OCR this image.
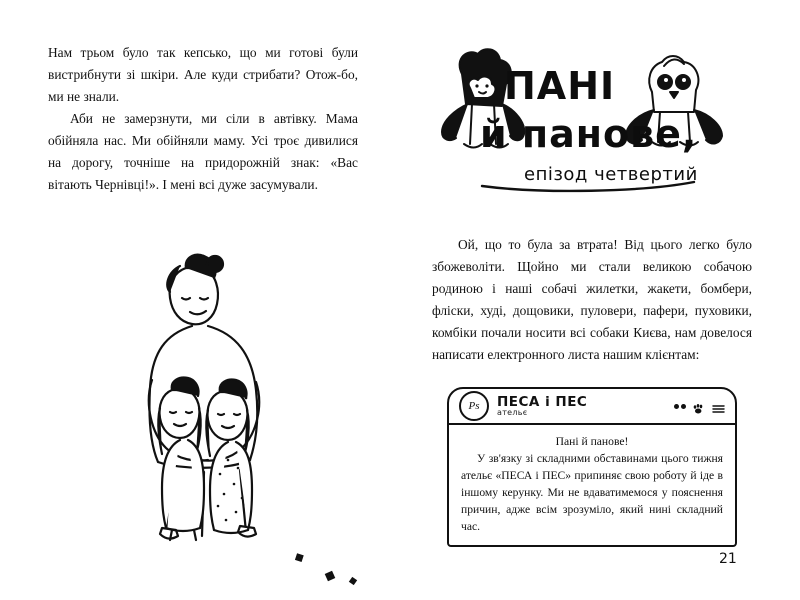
Нам трьом було так кепсько, що ми готові були вистрибнути зі шкіри. Але куди стрибати? Отож-бо, ми не знали.

Аби не замерзнути, ми сіли в автівку. Мама обійняла нас. Ми обійняли маму. Усі троє дивилися на дорогу, точніше на придорожній знак: «Вас вітають Чернівці!». І мені всі дуже засумували.

ПАНІ
й панове,
епізод четвертий

Ой, що то була за втрата! Від цього легко було збожеволіти. Щойно ми стали великою собачою родиною і наші собачі жилетки, жакети, бомбери, фліски, худі, дощовики, пуловери, пафери, пуховики, комбіки почали носити всі собаки Києва, нам довелося написати електронного листа нашим клієнтам:

Ps	ПЕСА і ПЕС
ательє

Пані й панове!

У зв'язку зі складними обставинами цього тижня ательє «ПЕСА і ПЕС» припиняє свою роботу й іде в іншому керунку. Ми не вдаватимемося у пояснення причин, адже всім зрозуміло, який нині складний час.

21
